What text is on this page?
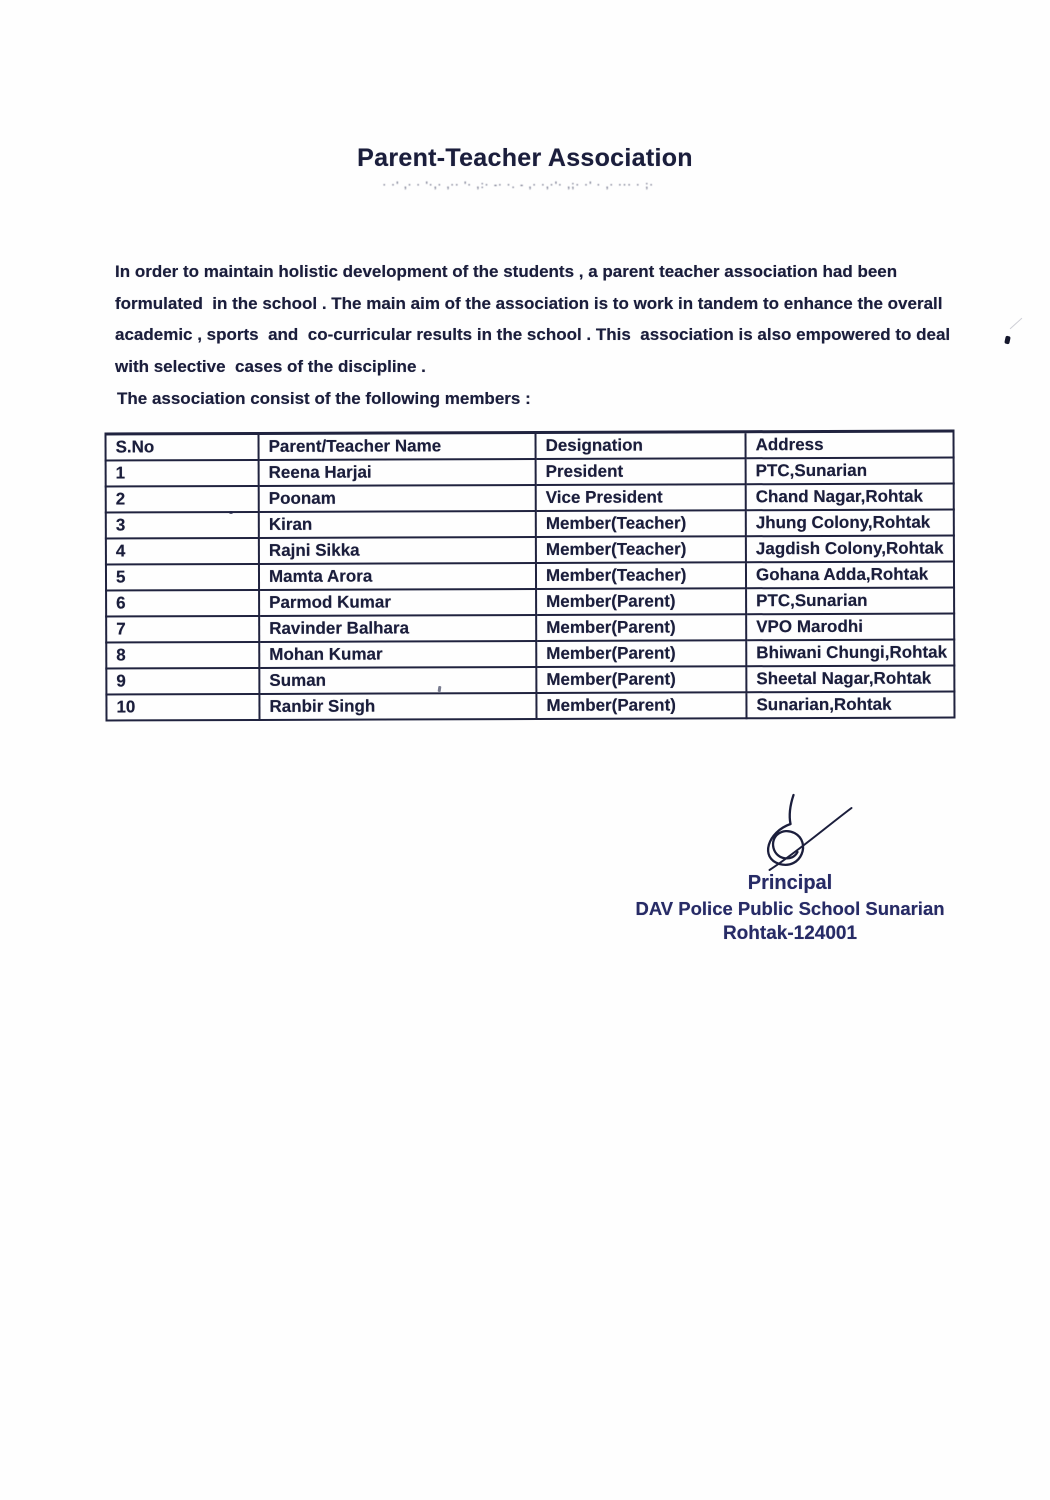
Parent-Teacher Association
· ·' ,· · '·,· ,·· '· ,:· -· ·. - ,· ·,·'· ,;· ·' · ,· ··· · ;·
In order to maintain holistic development of the students , a parent teacher association had been
formulated  in the school . The main aim of the association is to work in tandem to enhance the overall
academic , sports  and  co-curricular results in the school . This  association is also empowered to deal
with selective  cases of the discipline .
The association consist of the following members :
S.No	Parent/Teacher Name	Designation	Address
1	Reena Harjai	President	PTC,Sunarian
2	Poonam	Vice President	Chand Nagar,Rohtak
3	Kiran	Member(Teacher)	Jhung Colony,Rohtak
4	Rajni Sikka	Member(Teacher)	Jagdish Colony,Rohtak
5	Mamta Arora	Member(Teacher)	Gohana Adda,Rohtak
6	Parmod Kumar	Member(Parent)	PTC,Sunarian
7	Ravinder Balhara	Member(Parent)	VPO Marodhi
8	Mohan Kumar	Member(Parent)	Bhiwani Chungi,Rohtak
9	Suman	Member(Parent)	Sheetal Nagar,Rohtak
10	Ranbir Singh	Member(Parent)	Sunarian,Rohtak
Principal
DAV Police Public School Sunarian
Rohtak-124001
